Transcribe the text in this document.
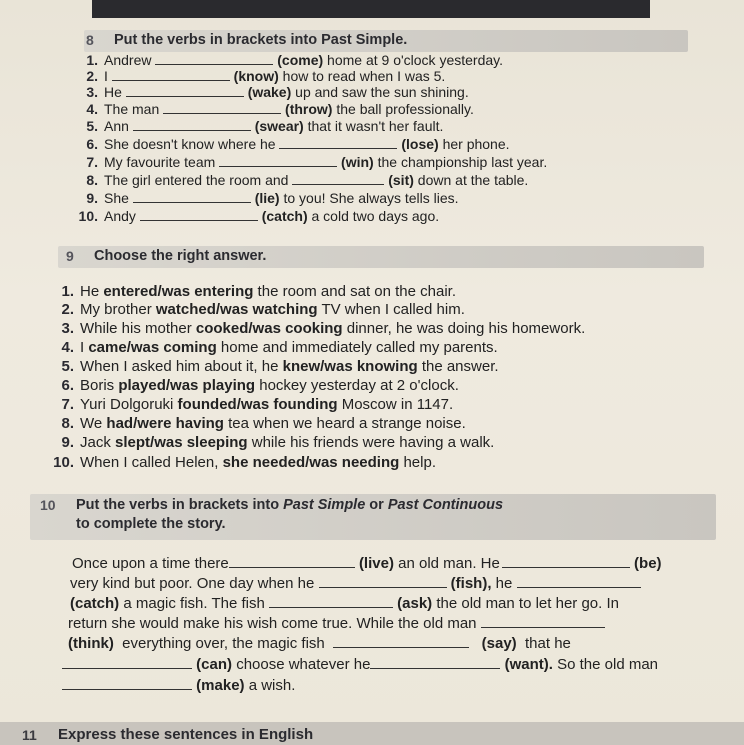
8 Put the verbs in brackets into Past Simple.
1. Andrew	(come) home at 9 o'clock yesterday.
2. I	(know) how to read when I was 5.
3. He	(wake) up and saw the sun shining.
4. The man	(throw) the ball professionally.
5. Ann	(swear) that it wasn't her fault.
6. She doesn't know where he	(lose) her phone.
7. My favourite team	(win) the championship last year.
8. The girl entered the room and	(sit) down at the table.
9. She	(lie) to you! She always tells lies.
10. Andy	(catch) a cold two days ago.
9 Choose the right answer.
1. He entered/was entering the room and sat on the chair.
2. My brother watched/was watching TV when I called him.
3. While his mother cooked/was cooking dinner, he was doing his homework.
4. I came/was coming home and immediately called my parents.
5. When I asked him about it, he knew/was knowing the answer.
6. Boris played/was playing hockey yesterday at 2 o'clock.
7. Yuri Dolgoruki founded/was founding Moscow in 1147.
8. We had/were having tea when we heard a strange noise.
9. Jack slept/was sleeping while his friends were having a walk.
10. When I called Helen, she needed/was needing help.
10 Put the verbs in brackets into Past Simple or Past Continuous
to complete the story.
Once upon a time there	(live) an old man. He	(be)
very kind but poor. One day when he	(fish), he
(catch) a magic fish. The fish	(ask) the old man to let her go. In
return she would make his wish come true. While the old man
(think) everything over, the magic fish	(say) that he
(can) choose whatever he	(want). So the old man
(make) a wish.
11 Express these sentences in English
